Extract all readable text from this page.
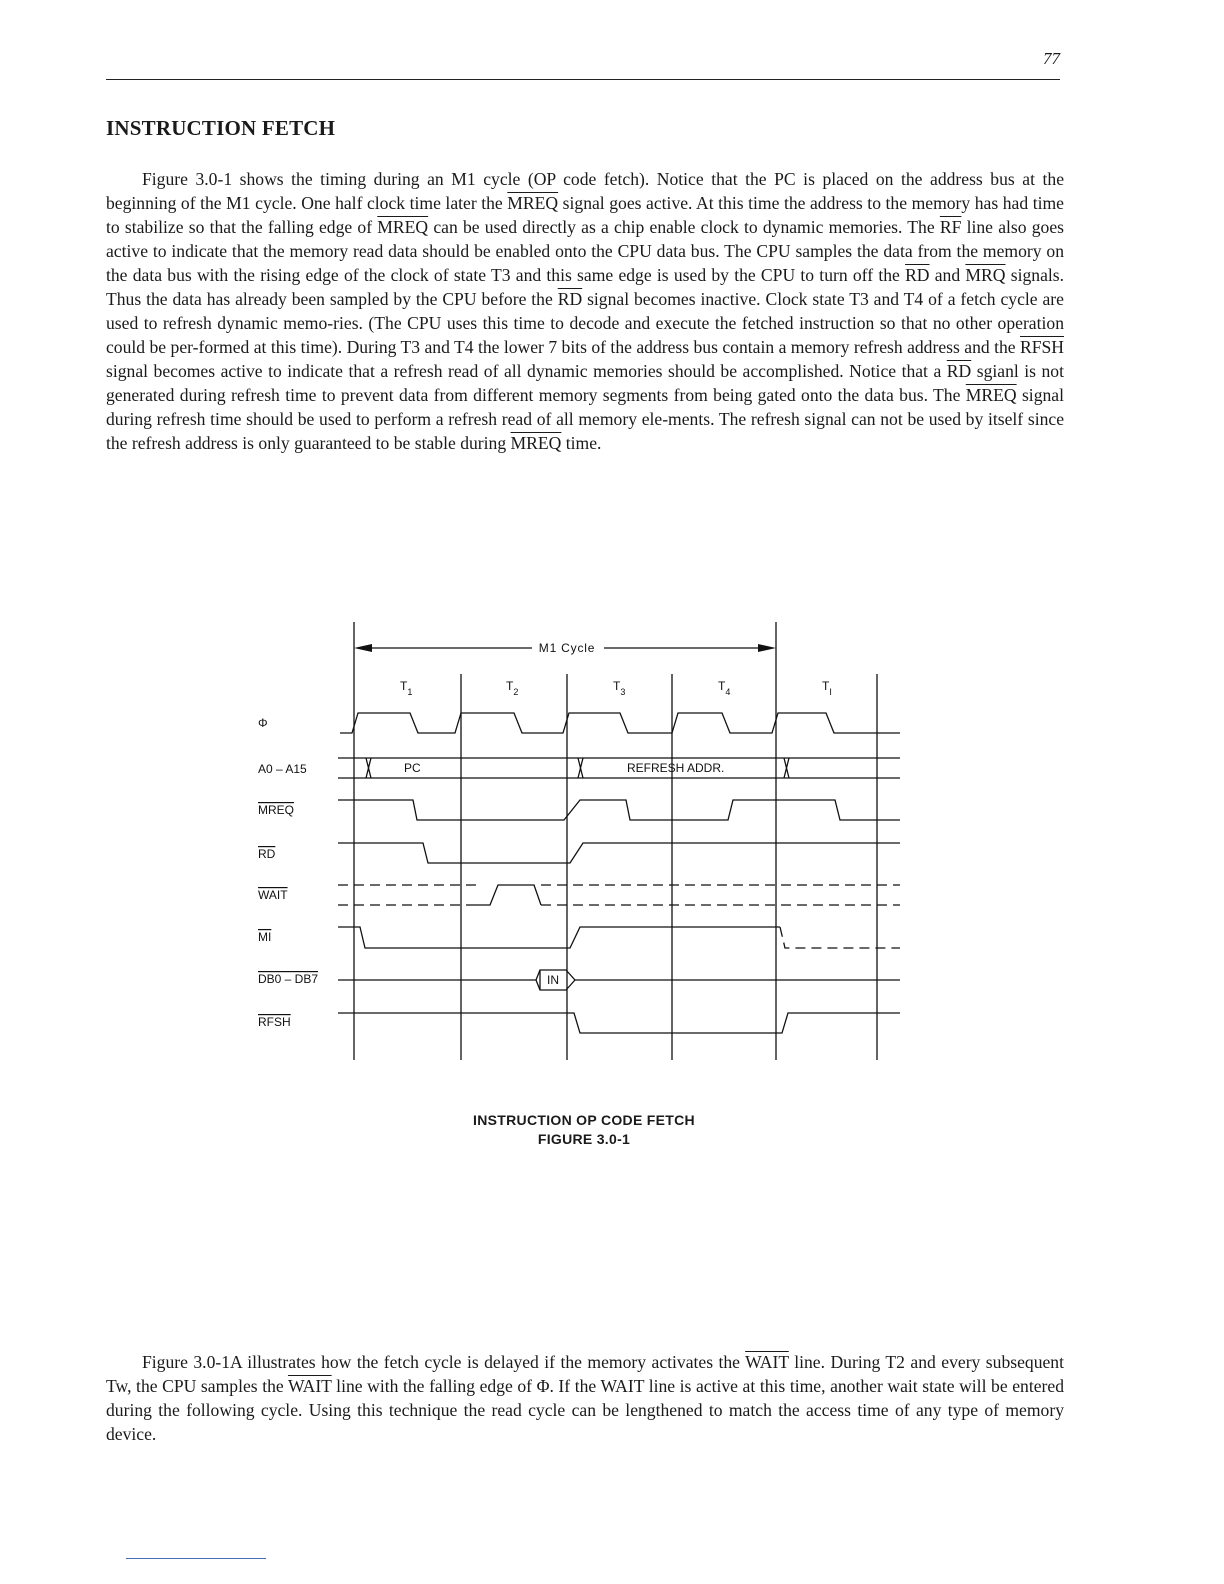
77
INSTRUCTION FETCH

Figure 3.0-1 shows the timing during an M1 cycle (OP code fetch). Notice that the PC is placed on the address bus at the beginning of the M1 cycle. One half clock time later the MREQ signal goes active. At this time the address to the memory has had time to stabilize so that the falling edge of MREQ can be used directly as a chip enable clock to dynamic memories. The $\overline{RF}$ line also goes active to indicate that the memory read data should be enabled onto the CPU data bus. The CPU samples the data from the memory on the data bus with the rising edge of the clock of state T3 and this same edge is used by the CPU to turn off the $\overline{RD}$ and $\overline{MRQ}$ signals. Thus the data has already been sampled by the CPU before the $\overline{RD}$ signal becomes inactive. Clock state T3 and T4 of a fetch cycle are used to refresh dynamic memo-ries. (The CPU uses this time to decode and execute the fetched instruction so that no other operation could be per-formed at this time). During T3 and T4 the lower 7 bits of the address bus contain a memory refresh address and the RFSH signal becomes active to indicate that a refresh read of all dynamic memories should be accomplished. Notice that a $\overline{RD}$ sgianl is not generated during refresh time to prevent data from different memory segments from being gated onto the data bus. The MREQ signal during refresh time should be used to perform a refresh read of all memory ele-ments. The refresh signal can not be used by itself since the refresh address is only guaranteed to be stable during MREQ time.

M1 Cycle
$T_1$	$T_2$	$T_3$	$T_4$	$T_I$
Φ
A0 – A15
MREQ
RD
WAIT
MI
DB0 – DB7
RFSH
PC	REFRESH ADDR.
IN
INSTRUCTION OP CODE FETCH
FIGURE 3.0-1

Figure 3.0-1A illustrates how the fetch cycle is delayed if the memory activates the WAIT line. During T2 and every subsequent Tw, the CPU samples the WAIT line with the falling edge of Φ. If the WAIT line is active at this time, another wait state will be entered during the following cycle. Using this technique the read cycle can be lengthened to match the access time of any type of memory device.
